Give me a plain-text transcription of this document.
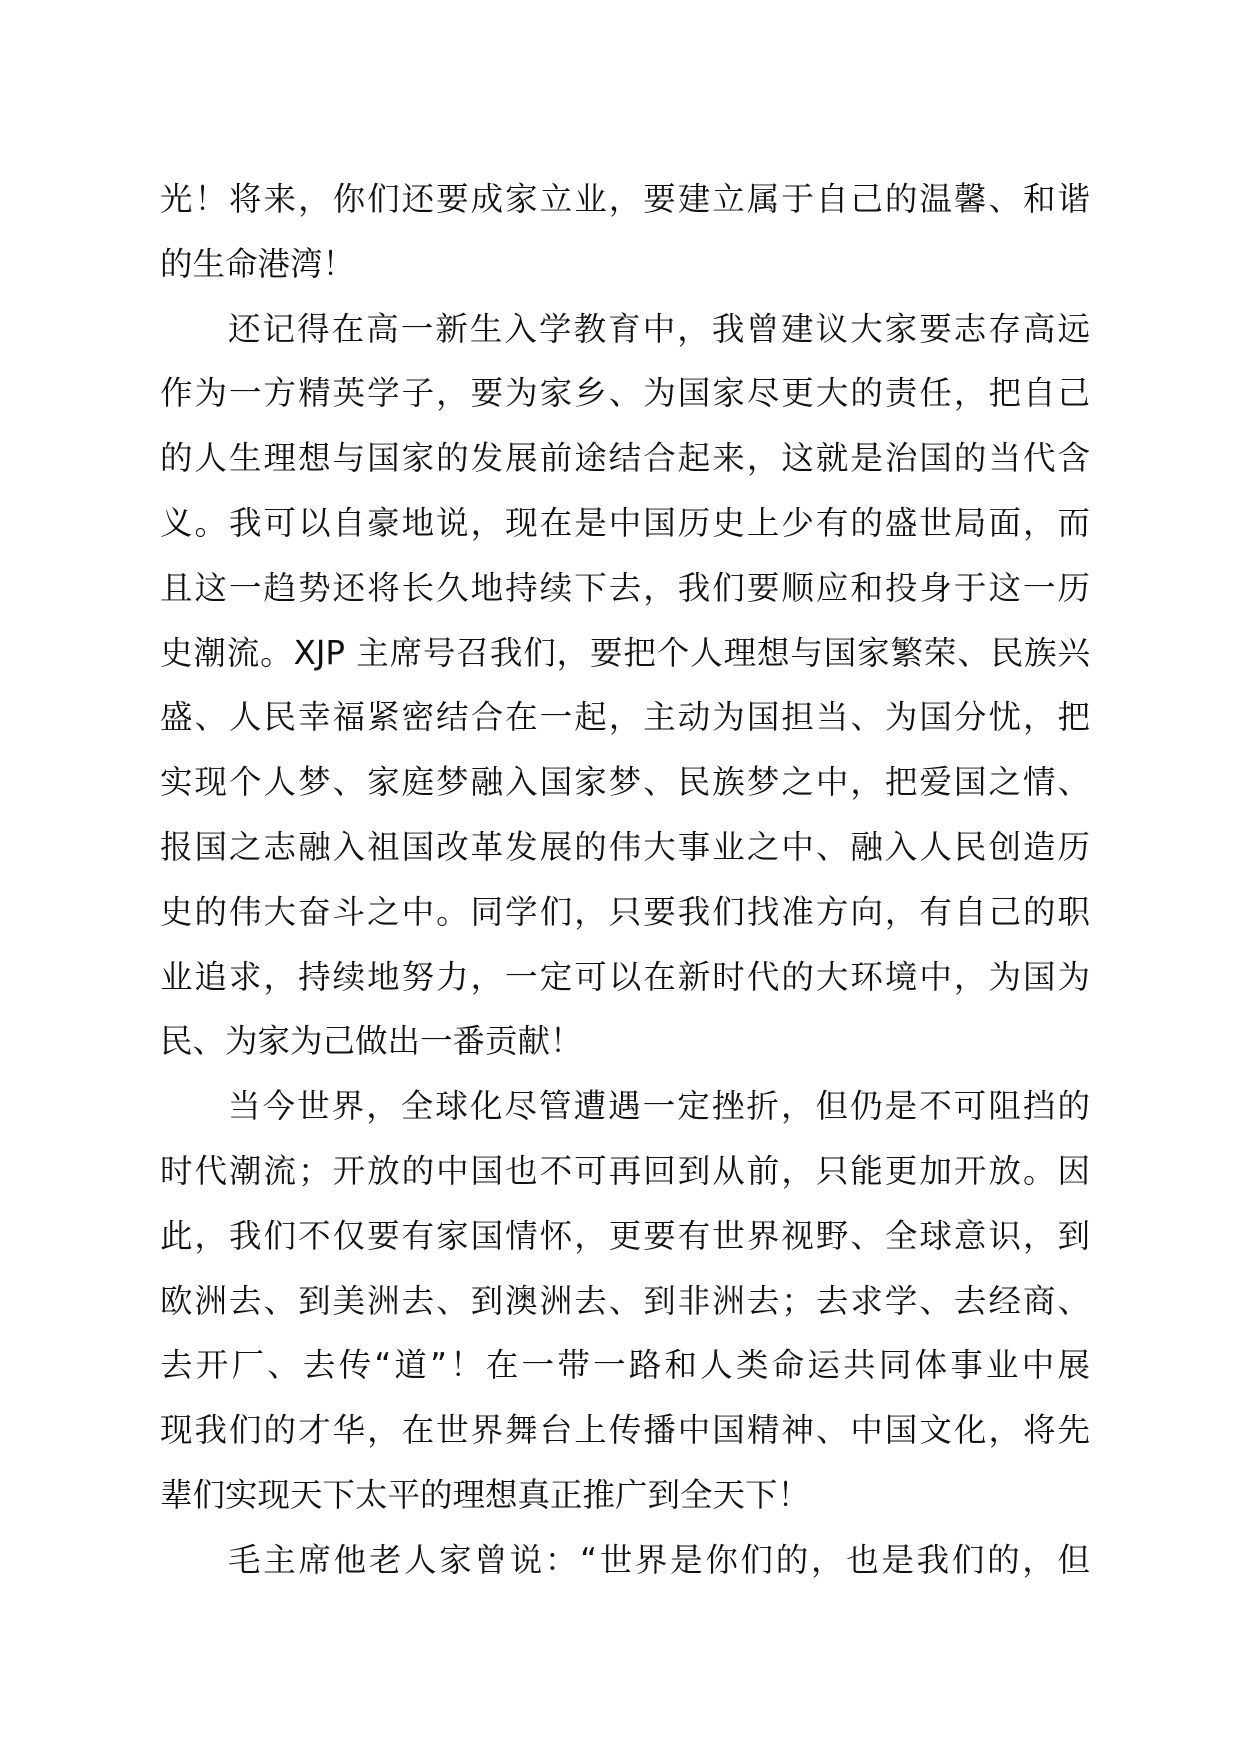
光！将来，你们还要成家立业，要建立属于自己的温馨、和谐
的生命港湾！
还记得在高一新生入学教育中，我曾建议大家要志存高远
作为一方精英学子，要为家乡、为国家尽更大的责任，把自己
的人生理想与国家的发展前途结合起来，这就是治国的当代含
义。我可以自豪地说，现在是中国历史上少有的盛世局面，而
且这一趋势还将长久地持续下去，我们要顺应和投身于这一历
史潮流。XJP 主席号召我们，要把个人理想与国家繁荣、民族兴
盛、人民幸福紧密结合在一起，主动为国担当、为国分忧，把
实现个人梦、家庭梦融入国家梦、民族梦之中，把爱国之情、
报国之志融入祖国改革发展的伟大事业之中、融入人民创造历
史的伟大奋斗之中。同学们，只要我们找准方向，有自己的职
业追求，持续地努力，一定可以在新时代的大环境中，为国为
民、为家为己做出一番贡献！
当今世界，全球化尽管遭遇一定挫折，但仍是不可阻挡的
时代潮流；开放的中国也不可再回到从前，只能更加开放。因
此，我们不仅要有家国情怀，更要有世界视野、全球意识，到
欧洲去、到美洲去、到澳洲去、到非洲去；去求学、去经商、
去开厂、去传“道”！在一带一路和人类命运共同体事业中展
现我们的才华，在世界舞台上传播中国精神、中国文化，将先
辈们实现天下太平的理想真正推广到全天下！
毛主席他老人家曾说：“世界是你们的，也是我们的，但
